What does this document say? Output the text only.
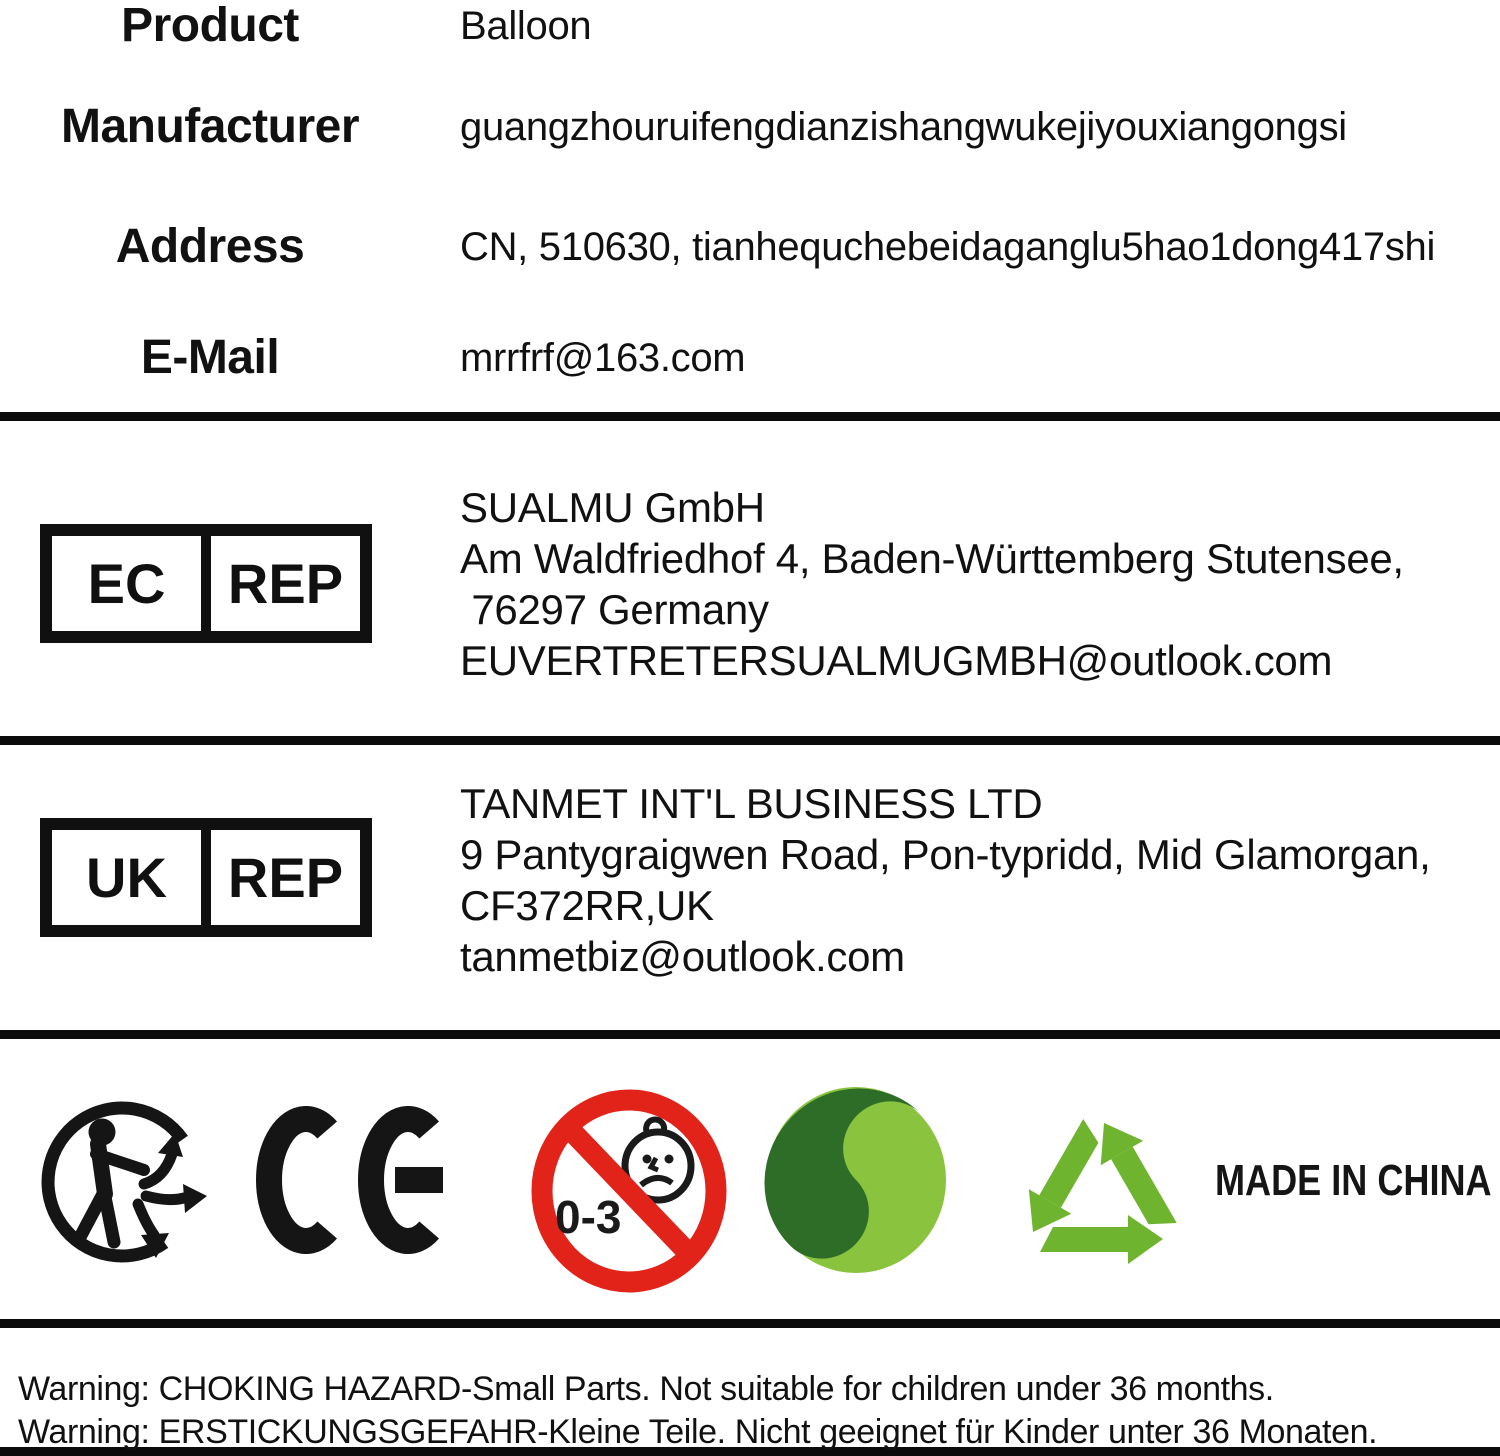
Product	Balloon
Manufacturer	guangzhouruifengdianzishangwukejiyouxiangongsi
Address	CN, 510630, tianhequchebeidaganglu5hao1dong417shi
E-Mail	mrrfrf@163.com
EC	REP
SUALMU GmbH
Am Waldfriedhof 4, Baden-Württemberg Stutensee,
76297 Germany
EUVERTRETERSUALMUGMBH@outlook.com
UK	REP
TANMET INT'L BUSINESS LTD
9 Pantygraigwen Road, Pon-typridd, Mid Glamorgan,
CF372RR,UK
tanmetbiz@outlook.com
0-3
MADE IN CHINA
Warning: CHOKING HAZARD-Small Parts. Not suitable for children under 36 months.
Warning: ERSTICKUNGSGEFAHR-Kleine Teile. Nicht geeignet für Kinder unter 36 Monaten.
